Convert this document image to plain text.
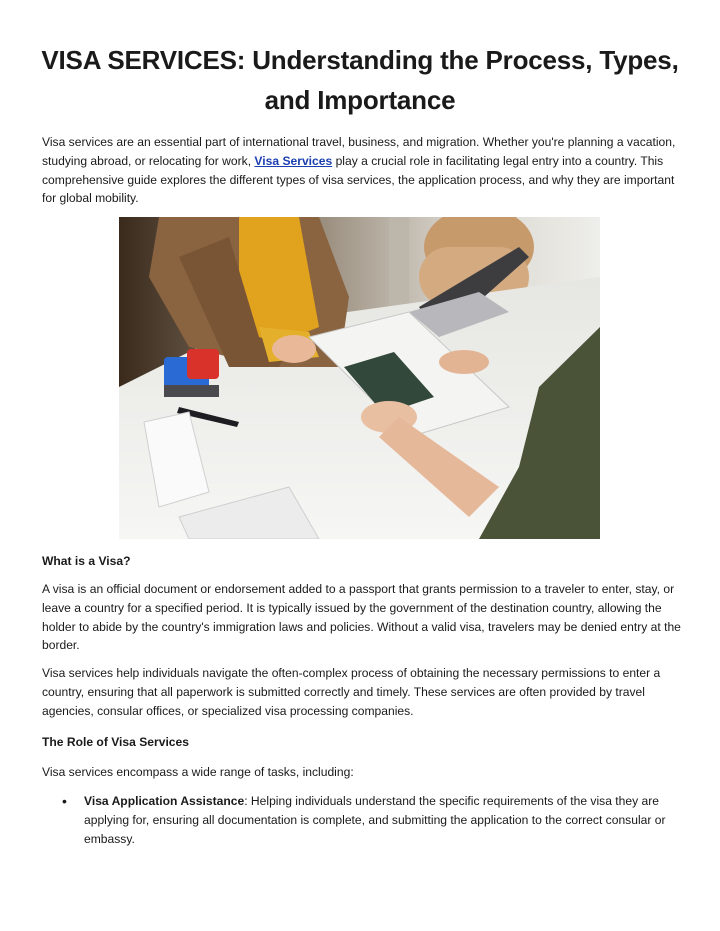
VISA SERVICES: Understanding the Process, Types,
and Importance

Visa services are an essential part of international travel, business, and migration. Whether you're planning a vacation, studying abroad, or relocating for work, Visa Services play a crucial role in facilitating legal entry into a country. This comprehensive guide explores the different types of visa services, the application process, and why they are important for global mobility.

What is a Visa?

A visa is an official document or endorsement added to a passport that grants permission to a traveler to enter, stay, or leave a country for a specified period. It is typically issued by the government of the destination country, allowing the holder to abide by the country's immigration laws and policies. Without a valid visa, travelers may be denied entry at the border.

Visa services help individuals navigate the often-complex process of obtaining the necessary permissions to enter a country, ensuring that all paperwork is submitted correctly and timely. These services are often provided by travel agencies, consular offices, or specialized visa processing companies.

The Role of Visa Services

Visa services encompass a wide range of tasks, including:

• Visa Application Assistance: Helping individuals understand the specific requirements of the visa they are applying for, ensuring all documentation is complete, and submitting the application to the correct consular or embassy.
